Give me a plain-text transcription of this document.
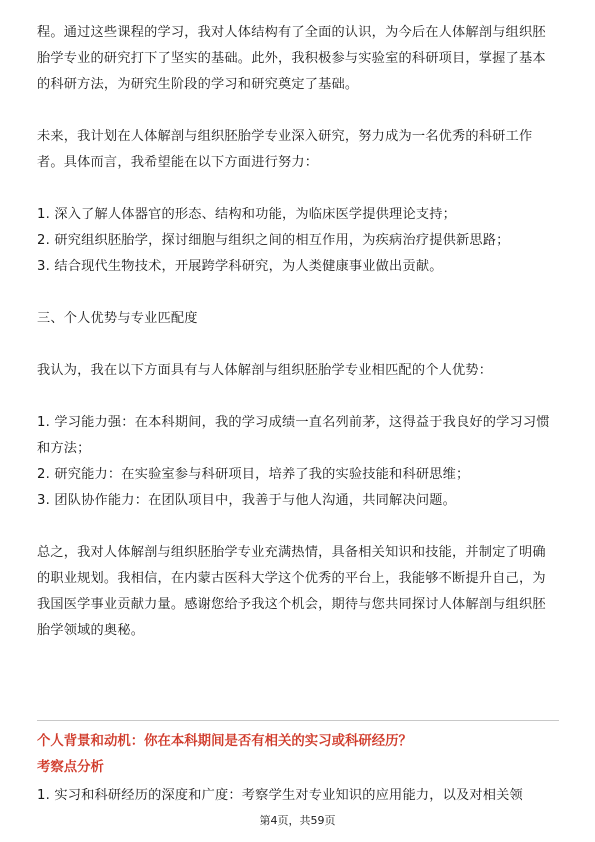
程。通过这些课程的学习，我对人体结构有了全面的认识，为今后在人体解剖与组织胚胎学专业的研究打下了坚实的基础。此外，我积极参与实验室的科研项目，掌握了基本的科研方法，为研究生阶段的学习和研究奠定了基础。

未来，我计划在人体解剖与组织胚胎学专业深入研究，努力成为一名优秀的科研工作者。具体而言，我希望能在以下方面进行努力：

1. 深入了解人体器官的形态、结构和功能，为临床医学提供理论支持；

2. 研究组织胚胎学，探讨细胞与组织之间的相互作用，为疾病治疗提供新思路；

3. 结合现代生物技术，开展跨学科研究，为人类健康事业做出贡献。

三、个人优势与专业匹配度

我认为，我在以下方面具有与人体解剖与组织胚胎学专业相匹配的个人优势：

1. 学习能力强：在本科期间，我的学习成绩一直名列前茅，这得益于我良好的学习习惯和方法；

2. 研究能力：在实验室参与科研项目，培养了我的实验技能和科研思维；

3. 团队协作能力：在团队项目中，我善于与他人沟通，共同解决问题。

总之，我对人体解剖与组织胚胎学专业充满热情，具备相关知识和技能，并制定了明确的职业规划。我相信，在内蒙古医科大学这个优秀的平台上，我能够不断提升自己，为我国医学事业贡献力量。感谢您给予我这个机会，期待与您共同探讨人体解剖与组织胚胎学领域的奥秘。

个人背景和动机：你在本科期间是否有相关的实习或科研经历？

考察点分析

1. 实习和科研经历的深度和广度：考察学生对专业知识的应用能力，以及对相关领

第4页，共59页
